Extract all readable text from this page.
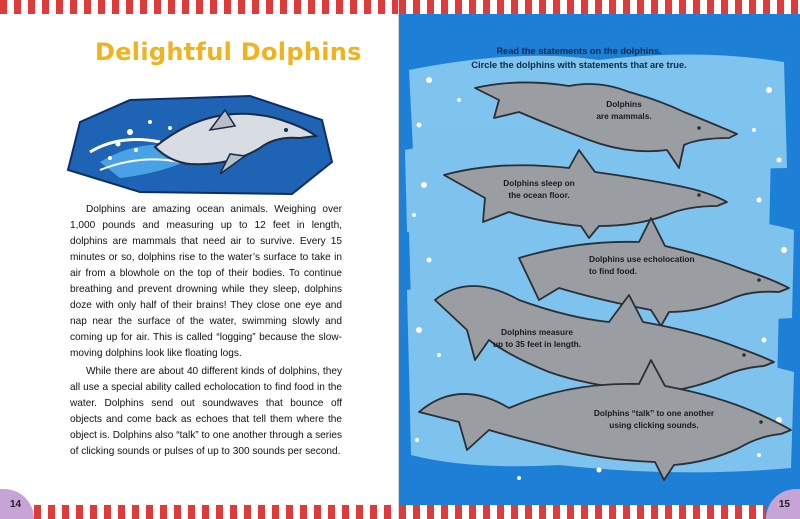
Delightful Dolphins

Dolphins are amazing ocean animals. Weighing over 1,000 pounds and measuring up to 12 feet in length, dolphins are mammals that need air to survive. Every 15 minutes or so, dolphins rise to the water’s surface to take in air from a blowhole on the top of their bodies. To continue breathing and prevent drowning while they sleep, dolphins doze with only half of their brains! They close one eye and nap near the surface of the water, swimming slowly and coming up for air. This is called “logging” because the slow-moving dolphins look like floating logs.

While there are about 40 different kinds of dolphins, they all use a special ability called echolocation to find food in the water. Dolphins send out soundwaves that bounce off objects and come back as echoes that tell them where the object is. Dolphins also “talk” to one another through a series of clicking sounds or pulses of up to 300 sounds per second.

14
Read the statements on the dolphins.
Circle the dolphins with statements that are true.
Dolphins
are mammals.
Dolphins sleep on
the ocean floor.
Dolphins use echolocation
to find food.
Dolphins measure
up to 35 feet in length.
Dolphins “talk” to one another
using clicking sounds.
15
